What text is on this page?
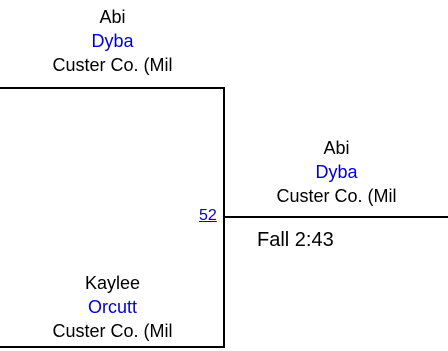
Abi
Dyba
Custer Co. (Mil
52
Kaylee
Orcutt
Custer Co. (Mil
Abi
Dyba
Custer Co. (Mil
Fall 2:43
